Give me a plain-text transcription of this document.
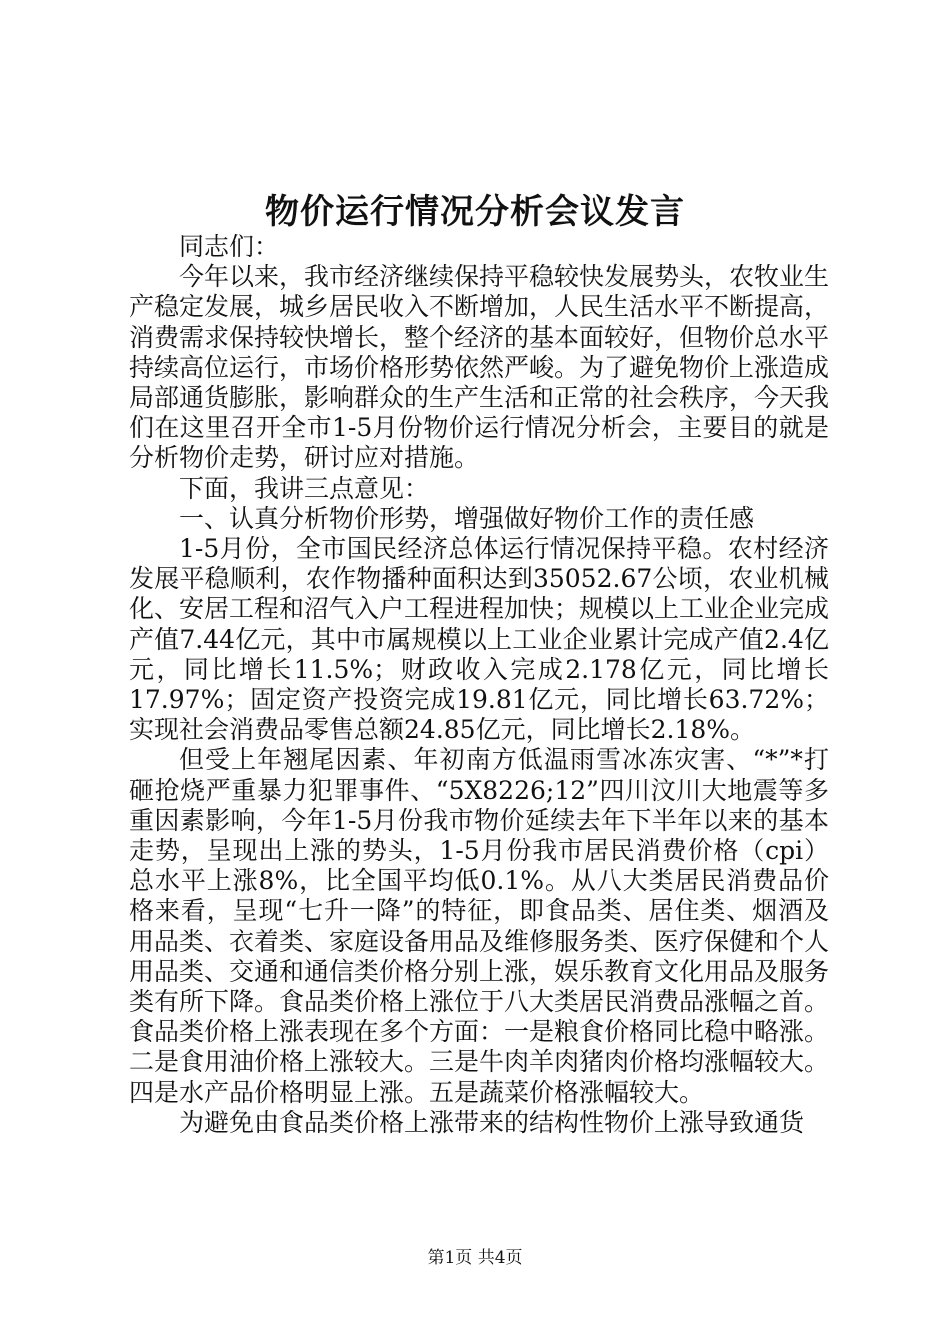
物价运行情况分析会议发言

同志们：

今年以来，我市经济继续保持平稳较快发展势头，农牧业生产稳定发展，城乡居民收入不断增加，人民生活水平不断提高，消费需求保持较快增长，整个经济的基本面较好，但物价总水平持续高位运行，市场价格形势依然严峻。为了避免物价上涨造成局部通货膨胀，影响群众的生产生活和正常的社会秩序，今天我们在这里召开全市1-5月份物价运行情况分析会，主要目的就是分析物价走势，研讨应对措施。

下面，我讲三点意见：

一、认真分析物价形势，增强做好物价工作的责任感

1-5月份，全市国民经济总体运行情况保持平稳。农村经济发展平稳顺利，农作物播种面积达到35052.67公顷，农业机械化、安居工程和沼气入户工程进程加快；规模以上工业企业完成产值7.44亿元，其中市属规模以上工业企业累计完成产值2.4亿元，同比增长11.5%；财政收入完成2.178亿元，同比增长17.97%；固定资产投资完成19.81亿元，同比增长63.72%；实现社会消费品零售总额24.85亿元，同比增长2.18%。

但受上年翘尾因素、年初南方低温雨雪冰冻灾害、“*”*打砸抢烧严重暴力犯罪事件、“5X8226;12”四川汶川大地震等多重因素影响，今年1-5月份我市物价延续去年下半年以来的基本走势，呈现出上涨的势头，1-5月份我市居民消费价格（cpi）总水平上涨8%，比全国平均低0.1%。从八大类居民消费品价格来看，呈现“七升一降”的特征，即食品类、居住类、烟酒及用品类、衣着类、家庭设备用品及维修服务类、医疗保健和个人用品类、交通和通信类价格分别上涨，娱乐教育文化用品及服务类有所下降。食品类价格上涨位于八大类居民消费品涨幅之首。食品类价格上涨表现在多个方面：一是粮食价格同比稳中略涨。二是食用油价格上涨较大。三是牛肉羊肉猪肉价格均涨幅较大。四是水产品价格明显上涨。五是蔬菜价格涨幅较大。

为避免由食品类价格上涨带来的结构性物价上涨导致通货

第1页 共4页
